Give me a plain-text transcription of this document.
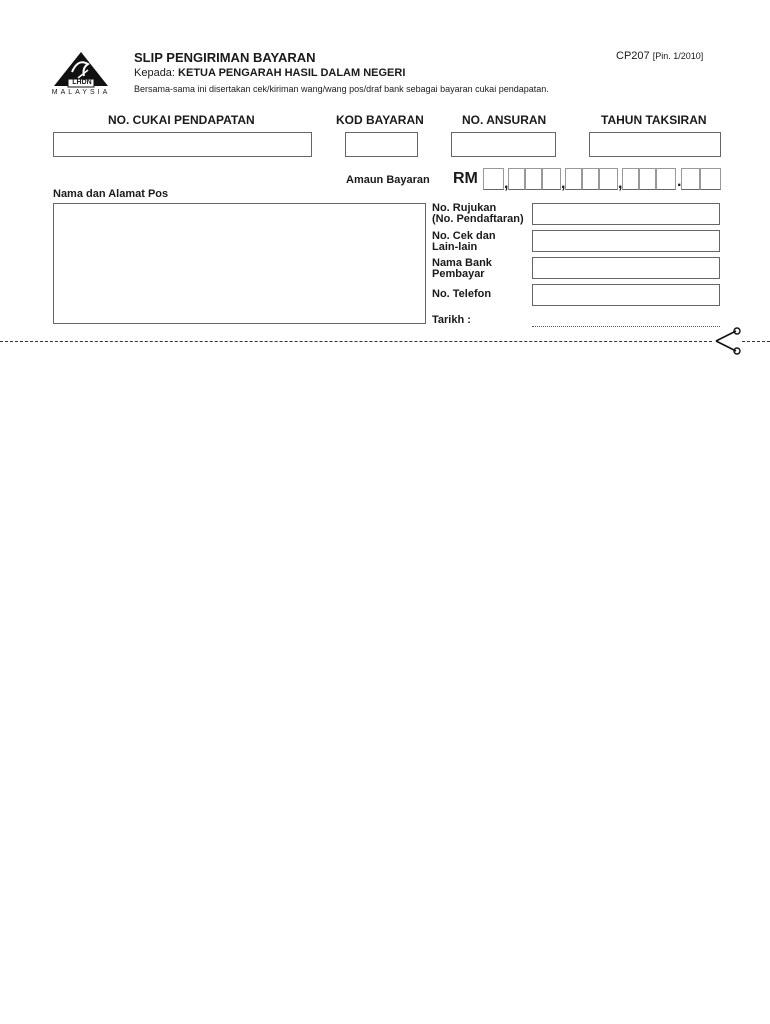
LHDN
MALAYSIA
SLIP PENGIRIMAN BAYARAN	CP207 [Pin. 1/2010]
Kepada: KETUA PENGARAH HASIL DALAM NEGERI
Bersama-sama ini disertakan cek/kiriman wang/wang pos/draf bank sebagai bayaran cukai pendapatan.
NO. CUKAI PENDAPATAN	KOD BAYARAN	NO. ANSURAN	TAHUN TAKSIRAN
Amaun Bayaran RM ,	,	,	.
Nama dan Alamat Pos
No. Rujukan
(No. Pendaftaran)
No. Cek dan
Lain-lain
Nama Bank
Pembayar
No. Telefon
Tarikh :
